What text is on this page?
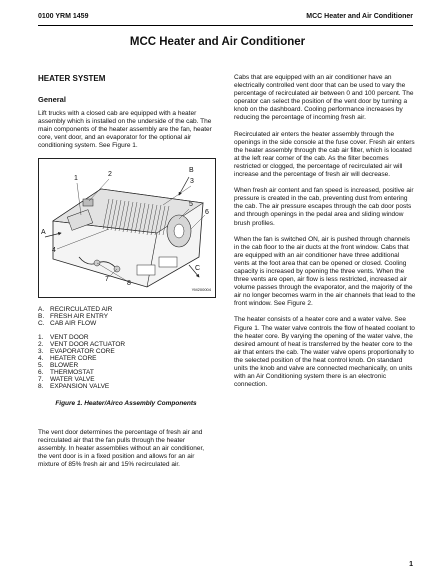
0100 YRM 1459	MCC Heater and Air Conditioner
MCC Heater and Air Conditioner
HEATER SYSTEM
General

Lift trucks with a closed cab are equipped with a heater assembly which is installed on the underside of the cab. The main components of the heater assembly are the fan, heater core, vent door, and an evaporator for the optional air conditioning system. See Figure 1.

1
2
3
4
5
6
7
8
A
B
C
YM200004
A. RECIRCULATED AIR
B. FRESH AIR ENTRY
C. CAB AIR FLOW
1.	VENT DOOR
2.	VENT DOOR ACTUATOR
3.	EVAPORATOR CORE
4.	HEATER CORE
5.	BLOWER
6.	THERMOSTAT
7.	WATER VALVE
8.	EXPANSION VALVE
Figure 1. Heater/Airco Assembly Components

The vent door determines the percentage of fresh air and recirculated air that the fan pulls through the heater assembly. In heater assemblies without an air conditioner, the vent door is in a fixed position and allows for an air mixture of 85% fresh air and 15% recirculated air.

Cabs that are equipped with an air conditioner have an electrically controlled vent door that can be used to vary the percentage of recirculated air between 0 and 100 percent. The operator can select the position of the vent door by turning a knob on the dashboard. Cooling performance increases by reducing the percentage of incoming fresh air.

Recirculated air enters the heater assembly through the openings in the side console at the fuse cover. Fresh air enters the heater assembly through the cab air filter, which is located at the left rear corner of the cab. As the filter becomes restricted or clogged, the percentage of recirculated air will increase and the percentage of fresh air will decrease.

When fresh air content and fan speed is increased, positive air pressure is created in the cab, preventing dust from entering the cab. The air pressure escapes through the cab door posts and through openings in the pedal area and sliding window brush profiles.

When the fan is switched ON, air is pushed through channels in the cab floor to the air ducts at the front window. Cabs that are equipped with an air conditioner have three additional vents at the foot area that can be opened or closed. Cooling capacity is increased by opening the three vents. When the three vents are open, air flow is less restricted, increased air volume passes through the evaporator, and the majority of the air no longer becomes warm in the air channels that lead to the front window. See Figure 2.

The heater consists of a heater core and a water valve. See Figure 1. The water valve controls the flow of heated coolant to the heater core. By varying the opening of the water valve, the desired amount of heat is transferred by the heater core to the air that enters the cab. The water valve opens proportionally to the selected position of the heat control knob. On standard units the knob and valve are connected mechanically, on units with an Air Conditioning system there is an electronic connection.

1
